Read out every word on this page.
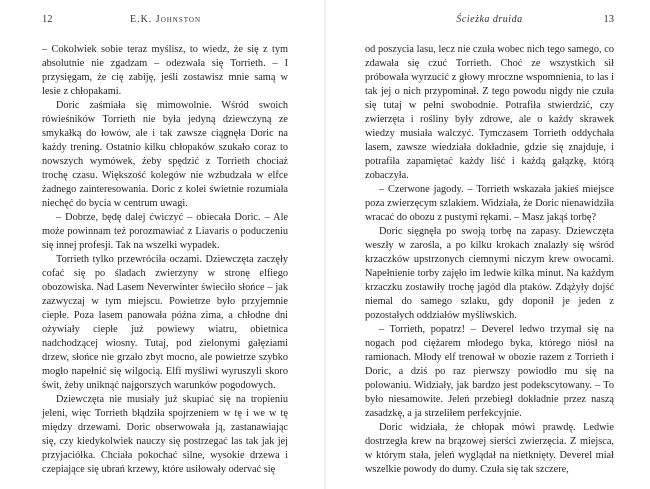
12	E.K. Johnston

– Cokolwiek sobie teraz myślisz, to wiedz, że się z tym absolutnie nie zgadzam – odezwała się Torrieth. – I przysięgam, że cię zabiję, jeśli zostawisz mnie samą w lesie z chłopakami.

Doric zaśmiała się mimowolnie. Wśród swoich rówieśników Torrieth nie była jedyną dziewczyną ze smykałką do łowów, ale i tak zawsze ciągnęła Doric na każdy trening. Ostatnio kilku chłopaków szukało coraz to nowszych wymówek, żeby spędzić z Torrieth chociaż trochę czasu. Większość kolegów nie wzbudzała w elfce żadnego zainteresowania. Doric z kolei świetnie rozumiała niechęć do bycia w centrum uwagi.

– Dobrze, będę dalej ćwiczyć – obiecała Doric. – Ale może powinnam też porozmawiać z Liavaris o poduczeniu się innej profesji. Tak na wszelki wypadek.

Torrieth tylko przewróciła oczami. Dziewczęta zaczęły cofać się po śladach zwierzyny w stronę elfiego obozowiska. Nad Lasem Neverwinter świeciło słońce – jak zazwyczaj w tym miejscu. Powietrze było przyjemnie ciepłe. Poza lasem panowała późna zima, a chłodne dni ożywiały ciepłe już powiewy wiatru, obietnica nadchodzącej wiosny. Tutaj, pod zielonymi gałęziami drzew, słońce nie grzało zbyt mocno, ale powietrze szybko mogło napełnić się wilgocią. Elfi myśliwi wyruszyli skoro świt, żeby uniknąć najgorszych warunków pogodowych.

Dziewczęta nie musiały już skupiać się na tropieniu jeleni, więc Torrieth błądziła spojrzeniem w tę i we w tę między drzewami. Doric obserwowała ją, zastanawiając się, czy kiedykolwiek nauczy się postrzegać las tak jak jej przyjaciółka. Chciała pokochać silne, wysokie drzewa i czepiające się ubrań krzewy, które usiłowały odervać się

Ścieżka druida	13

od poszycia lasu, lecz nie czuła wobec nich tego samego, co zdawała się czuć Torrieth. Choć ze wszystkich sił próbowała wyrzucić z głowy mroczne wspomnienia, to las i tak jej o nich przypominał. Z tego powodu nigdy nie czuła się tutaj w pełni swobodnie. Potrafiła stwierdzić, czy zwierzęta i rośliny były zdrowe, ale o każdy skrawek wiedzy musiała walczyć. Tymczasem Torrieth oddychała lasem, zawsze wiedziała dokładnie, gdzie się znajduje, i potrafiła zapamiętać każdy liść i każdą gałązkę, którą zobaczyła.

– Czerwone jagody. – Torrieth wskazała jakieś miejsce poza zwierzęcym szlakiem. Widziała, że Doric nienawidziła wracać do obozu z pustymi rękami. – Masz jakąś torbę?

Doric sięgnęła po swoją torbę na zapasy. Dziewczęta weszły w zarośla, a po kilku krokach znalazły się wśród krzaczków upstrzonych ciemnymi niczym krew owocami. Napełnienie torby zajęło im ledwie kilka minut. Na każdym krzaczku zostawiły trochę jagód dla ptaków. Zdążyły dojść niemal do samego szlaku, gdy doponił je jeden z pozostałych oddziałów myśliwskich.

– Torrieth, popatrz! – Deverel ledwo trzymał się na nogach pod ciężarem młodego byka, którego niósł na ramionach. Młody elf trenował w obozie razem z Torrieth i Doric, a dziś po raz pierwszy powiodło mu się na polowaniu. Widziały, jak bardzo jest podekscytowany. – To było niesamowite. Jeleń przebiegł dokładnie przez naszą zasadzkę, a ja strzeliłem perfekcyjnie.

Doric widziała, że chłopak mówi prawdę. Ledwie dostrzegła krew na brązowej sierści zwierzęcia. Z miejsca, w którym stała, jeleń wyglądał na nietknięty. Deverel miał wszelkie powody do dumy. Czuła się tak szczere,
